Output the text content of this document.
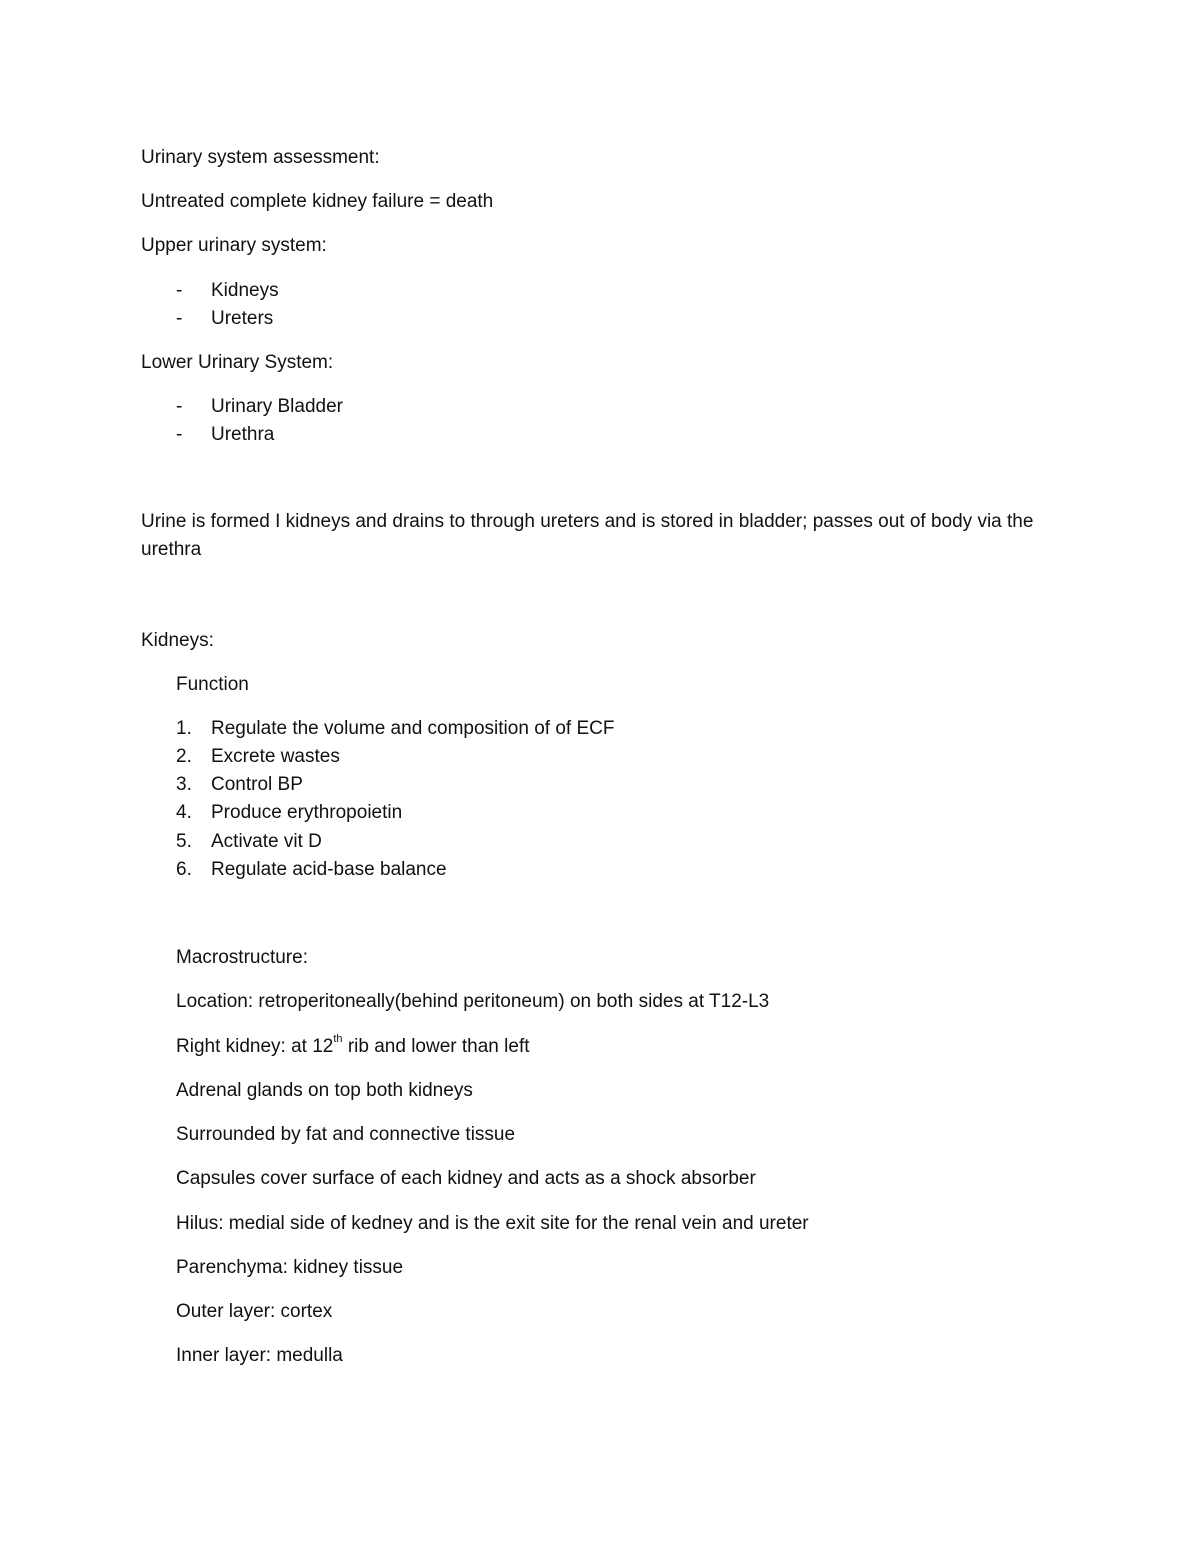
Urinary system assessment:
Untreated complete kidney failure = death
Upper urinary system:
- Kidneys
- Ureters
Lower Urinary System:
- Urinary Bladder
- Urethra
Urine is formed I kidneys and drains to through ureters and is stored in bladder; passes out of body via the urethra
Kidneys:
Function
1. Regulate the volume and composition of of ECF
2. Excrete wastes
3. Control BP
4. Produce erythropoietin
5. Activate vit D
6. Regulate acid-base balance
Macrostructure:
Location: retroperitoneally(behind peritoneum) on both sides at T12-L3
Right kidney: at 12th rib and lower than left
Adrenal glands on top both kidneys
Surrounded by fat and connective tissue
Capsules cover surface of each kidney and acts as a shock absorber
Hilus: medial side of kedney and is the exit site for the renal vein and ureter
Parenchyma: kidney tissue
Outer layer: cortex
Inner layer: medulla
